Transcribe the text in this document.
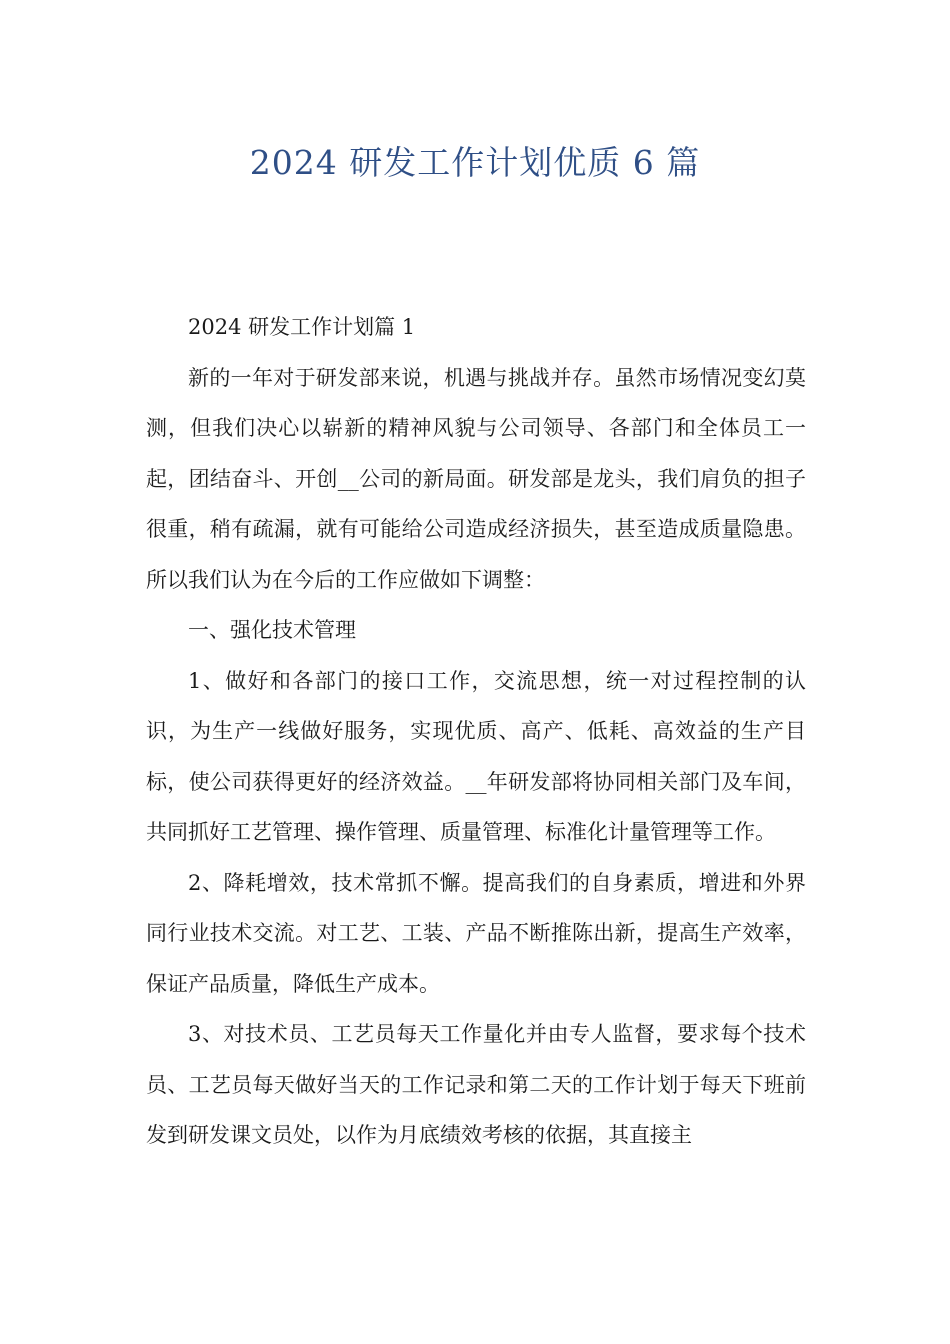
2024 研发工作计划优质 6 篇

2024 研发工作计划篇 1

新的一年对于研发部来说，机遇与挑战并存。虽然市场情况变幻莫测，但我们决心以崭新的精神风貌与公司领导、各部门和全体员工一起，团结奋斗、开创__公司的新局面。研发部是龙头，我们肩负的担子很重，稍有疏漏，就有可能给公司造成经济损失，甚至造成质量隐患。所以我们认为在今后的工作应做如下调整：

一、强化技术管理

1、做好和各部门的接口工作，交流思想，统一对过程控制的认识，为生产一线做好服务，实现优质、高产、低耗、高效益的生产目标，使公司获得更好的经济效益。__年研发部将协同相关部门及车间，共同抓好工艺管理、操作管理、质量管理、标准化计量管理等工作。

2、降耗增效，技术常抓不懈。提高我们的自身素质，增进和外界同行业技术交流。对工艺、工装、产品不断推陈出新，提高生产效率，保证产品质量，降低生产成本。

3、对技术员、工艺员每天工作量化并由专人监督，要求每个技术员、工艺员每天做好当天的工作记录和第二天的工作计划于每天下班前发到研发课文员处，以作为月底绩效考核的依据，其直接主
